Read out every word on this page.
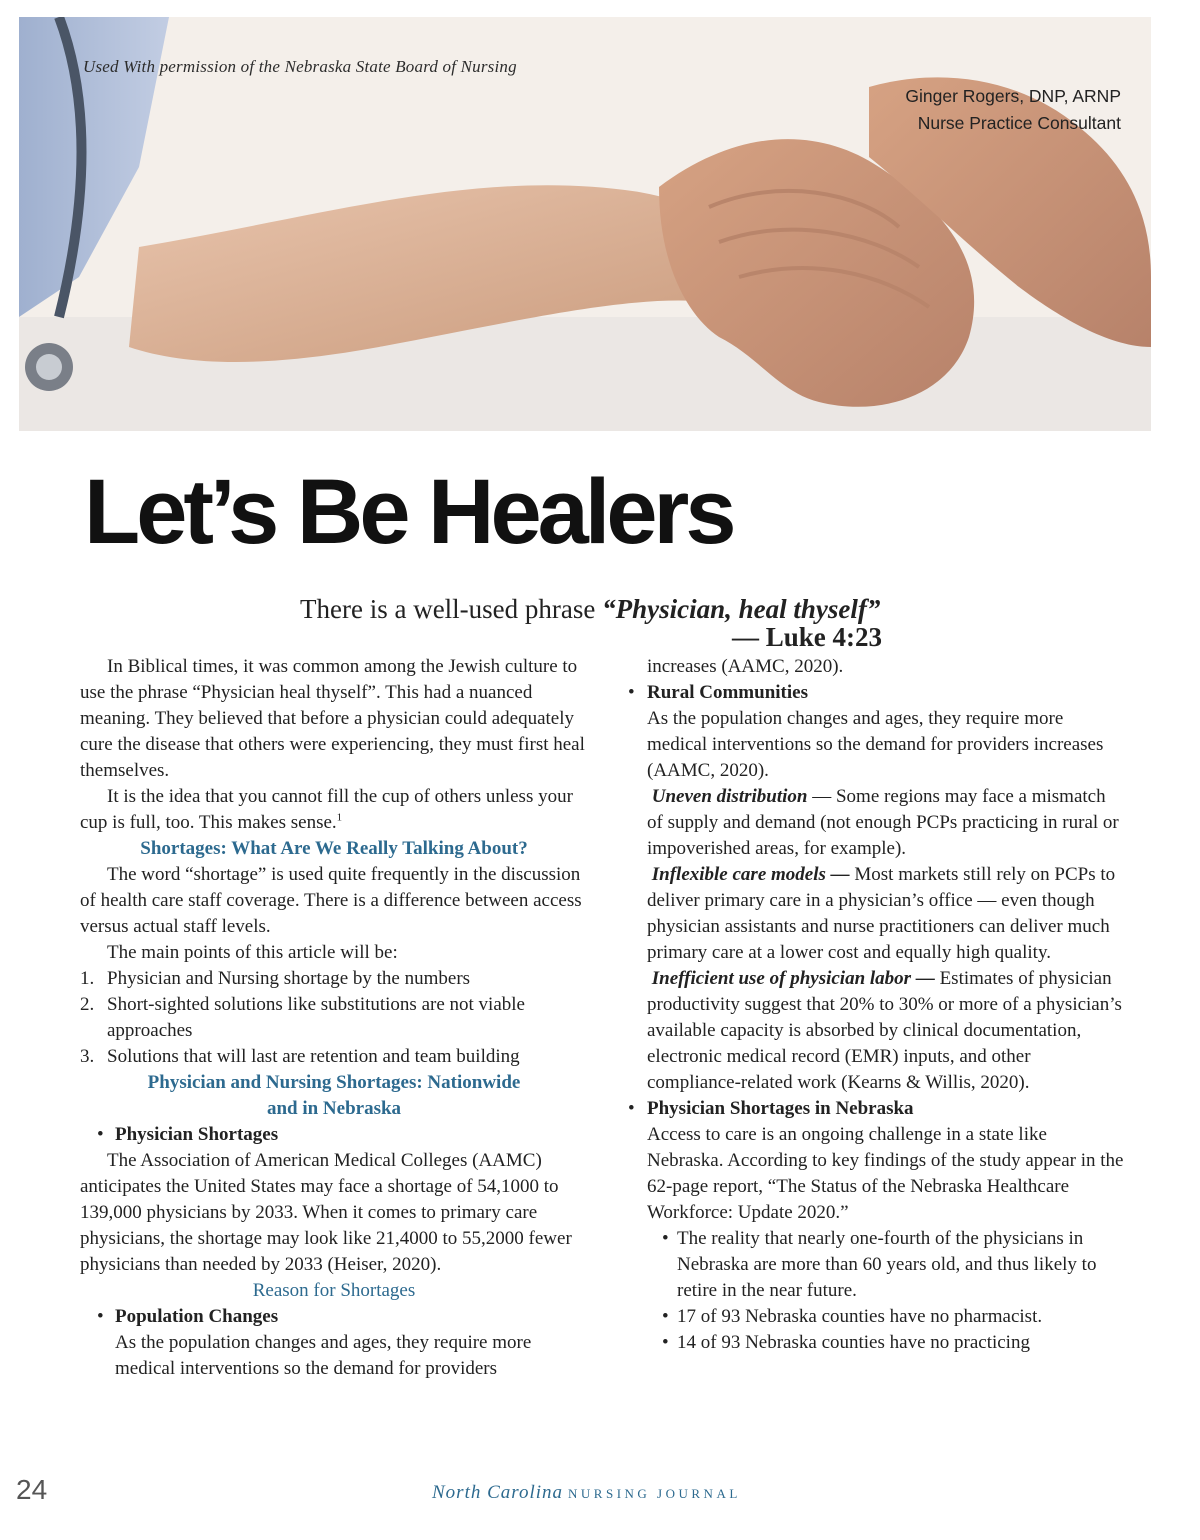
Used With permission of the Nebraska State Board of Nursing
Ginger Rogers, DNP, ARNP
Nurse Practice Consultant
Let’s Be Healers
There is a well-used phrase “Physician, heal thyself”
— Luke 4:23

In Biblical times, it was common among the Jewish culture to use the phrase “Physician heal thyself”. This had a nuanced meaning. They believed that before a physician could adequately cure the disease that others were experiencing, they must first heal themselves.

It is the idea that you cannot fill the cup of others unless your cup is full, too. This makes sense.$^1$

Shortages: What Are We Really Talking About?

The word “shortage” is used quite frequently in the discussion of health care staff coverage. There is a difference between access versus actual staff levels.

The main points of this article will be:

1. Physician and Nursing shortage by the numbers

2. Short-sighted solutions like substitutions are not viable approaches

3. Solutions that will last are retention and team building

Physician and Nursing Shortages: Nationwide
and in Nebraska

• Physician Shortages

The Association of American Medical Colleges (AAMC) anticipates the United States may face a shortage of 54,1000 to 139,000 physicians by 2033. When it comes to primary care physicians, the shortage may look like 21,4000 to 55,2000 fewer physicians than needed by 2033 (Heiser, 2020).

Reason for Shortages

• Population Changes

As the population changes and ages, they require more medical interventions so the demand for providers

increases (AAMC, 2020).

• Rural Communities

As the population changes and ages, they require more medical interventions so the demand for providers increases (AAMC, 2020).

Uneven distribution — Some regions may face a mismatch of supply and demand (not enough PCPs practicing in rural or impoverished areas, for example).

Inflexible care models — Most markets still rely on PCPs to deliver primary care in a physician’s office — even though physician assistants and nurse practitioners can deliver much primary care at a lower cost and equally high quality.

Inefficient use of physician labor — Estimates of physician productivity suggest that 20% to 30% or more of a physician’s available capacity is absorbed by clinical documentation, electronic medical record (EMR) inputs, and other compliance-related work (Kearns & Willis, 2020).

• Physician Shortages in Nebraska

Access to care is an ongoing challenge in a state like Nebraska. According to key findings of the study appear in the 62-page report, “The Status of the Nebraska Healthcare Workforce: Update 2020.”

• The reality that nearly one-fourth of the physicians in Nebraska are more than 60 years old, and thus likely to retire in the near future.

• 17 of 93 Nebraska counties have no pharmacist.

• 14 of 93 Nebraska counties have no practicing

24	North Carolina NURSING JOURNAL
